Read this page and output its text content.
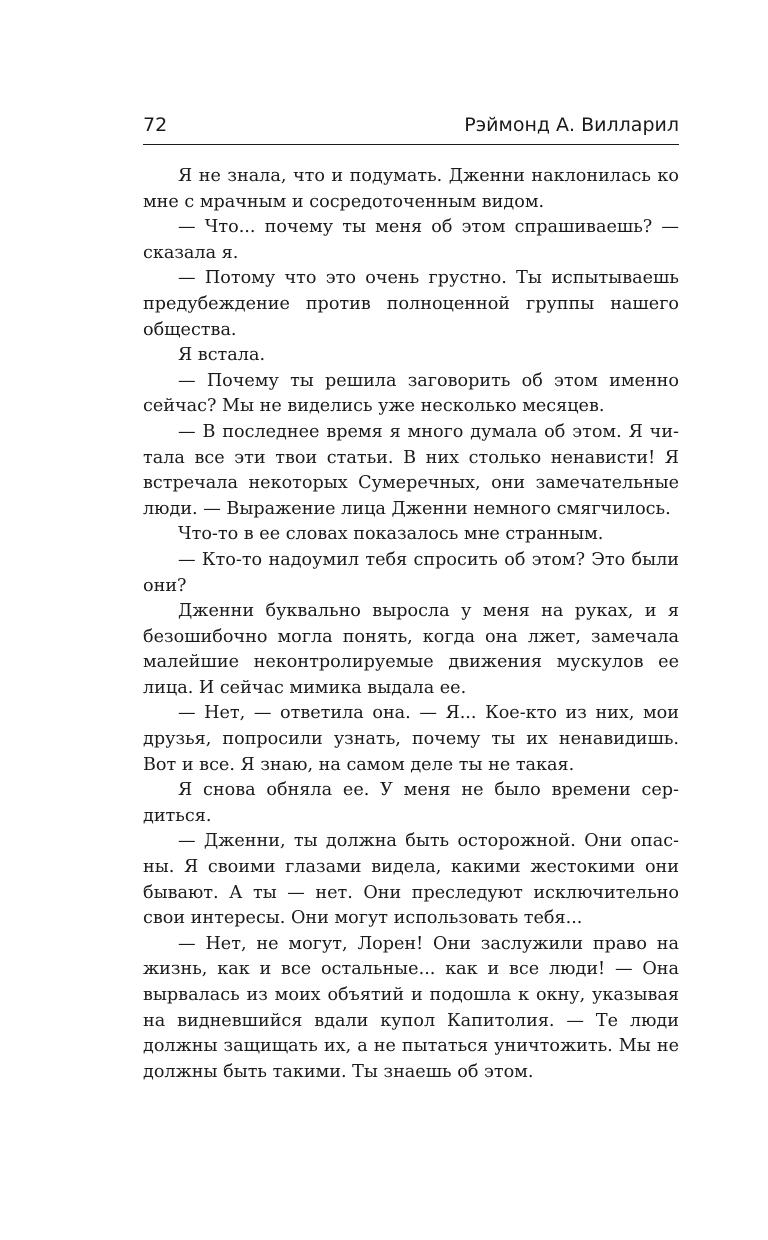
72	Рэймонд А. Вилларил

Я не знала, что и подумать. Дженни наклонилась ко мне с мрачным и сосредоточенным видом.

— Что... почему ты меня об этом спрашиваешь? — сказала я.

— Потому что это очень грустно. Ты испытываешь предубеждение против полноценной группы нашего общества.

Я встала.

— Почему ты решила заговорить об этом именно сейчас? Мы не виделись уже несколько месяцев.

— В последнее время я много думала об этом. Я читала все эти твои статьи. В них столько ненависти! Я встречала некоторых Сумеречных, они замечательные люди. — Выражение лица Дженни немного смягчилось.

Что-то в ее словах показалось мне странным.

— Кто-то надоумил тебя спросить об этом? Это были они?

Дженни буквально выросла у меня на руках, и я безошибочно могла понять, когда она лжет, замечала малейшие неконтролируемые движения мускулов ее лица. И сейчас мимика выдала ее.

— Нет, — ответила она. — Я... Кое-кто из них, мои друзья, попросили узнать, почему ты их ненавидишь. Вот и все. Я знаю, на самом деле ты не такая.

Я снова обняла ее. У меня не было времени сердиться.

— Дженни, ты должна быть осторожной. Они опасны. Я своими глазами видела, какими жестокими они бывают. А ты — нет. Они преследуют исключительно свои интересы. Они могут использовать тебя...

— Нет, не могут, Лорен! Они заслужили право на жизнь, как и все остальные... как и все люди! — Она вырвалась из моих объятий и подошла к окну, указывая на видневшийся вдали купол Капитолия. — Те люди должны защищать их, а не пытаться уничтожить. Мы не должны быть такими. Ты знаешь об этом.
